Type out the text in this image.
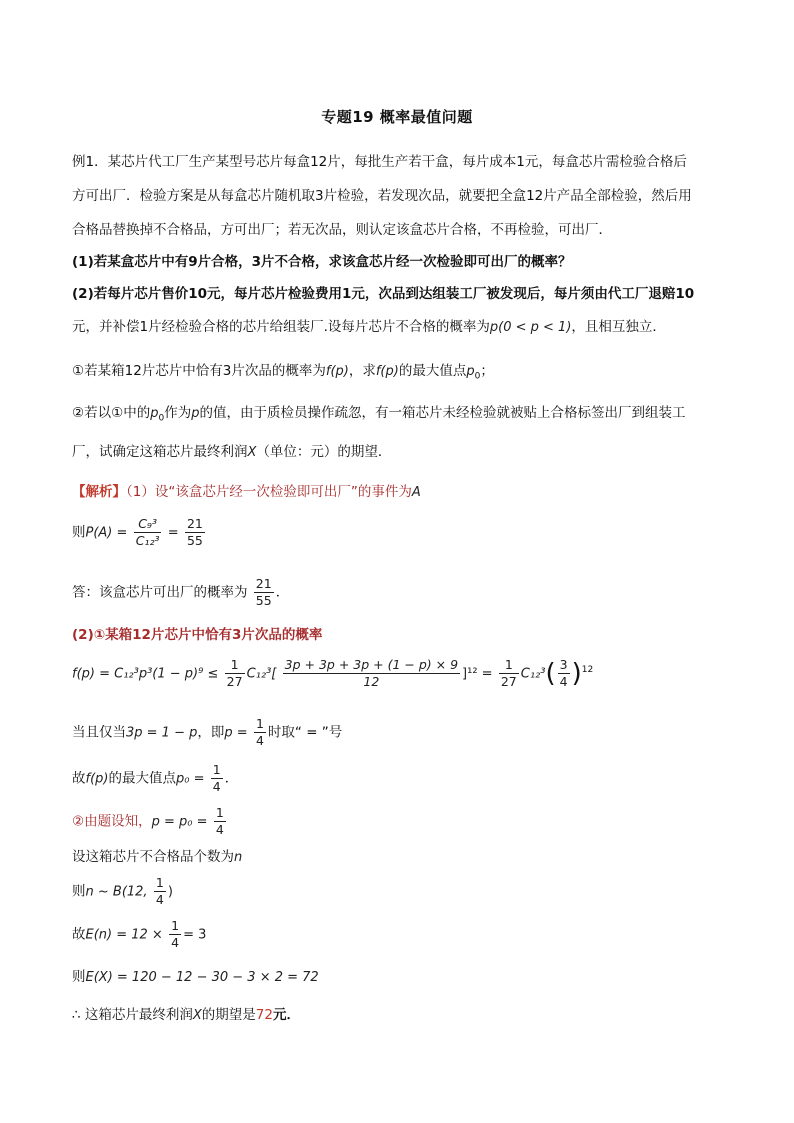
专题19 概率最值问题
例1．某芯片代工厂生产某型号芯片每盒12片，每批生产若干盒，每片成本1元，每盒芯片需检验合格后
方可出厂．检验方案是从每盒芯片随机取3片检验，若发现次品，就要把全盒12片产品全部检验，然后用
合格品替换掉不合格品，方可出厂；若无次品，则认定该盒芯片合格，不再检验，可出厂．
(1)若某盒芯片中有9片合格，3片不合格，求该盒芯片经一次检验即可出厂的概率？
(2)若每片芯片售价10元，每片芯片检验费用1元，次品到达组装工厂被发现后，每片须由代工厂退赔10
元，并补偿1片经检验合格的芯片给组装厂.设每片芯片不合格的概率为p(0 < p < 1)，且相互独立．
①若某箱12片芯片中恰有3片次品的概率为f(p)，求f(p)的最大值点$p_0$；
②若以①中的$p_0$作为p的值，由于质检员操作疏忽，有一箱芯片未经检验就被贴上合格标签出厂到组装工
厂，试确定这箱芯片最终利润X（单位：元）的期望．
【解析】（1）设“该盒芯片经一次检验即可出厂”的事件为A
则$P(A) = \frac{\text{C₉³}}{\text{C₁₂³}} = \frac{21}{55}$
答：该盒芯片可出厂的概率为 $\frac{21}{55}$ ．
(2)①某箱12片芯片中恰有3片次品的概率
$f(p) = C_{12}^3p^3(1 - p)^9 \le \frac{1}{27} C_{12}^3[ \frac{3p + 3p + 3p + (1 - p) \times 9}{12} ]^{12} = \frac{1}{27} C_{12}^3( \frac{3}{4} )^{12}$
当且仅当3p = 1 − p，即$p = \frac{1}{4}$ 时取“ = ”号
故f(p)的最大值点$p_0 = \frac{1}{4}$ ．
②由题设知，$p = p_0 = \frac{1}{4}$
设这箱芯片不合格品个数为n
则n ~ B(12, $\frac{1}{4}$ )
故$E(n) = 12 \times \frac{1}{4} = 3$
则E(X) = 120 − 12 − 30 − 3 × 2 = 72
∴ 这箱芯片最终利润X的期望是72元．
